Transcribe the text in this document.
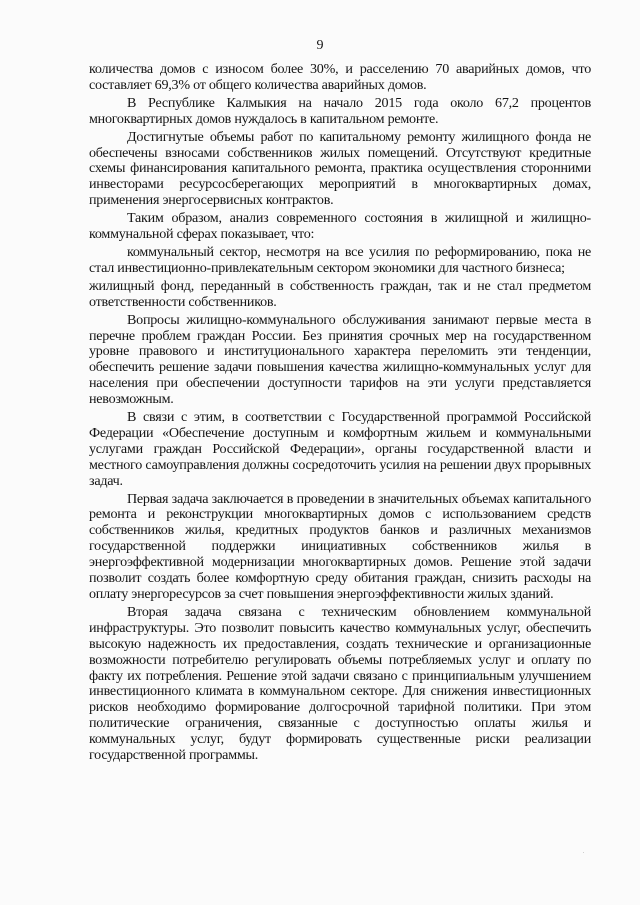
9

количества домов с износом более 30%, и расселению 70 аварийных домов, что составляет 69,3% от общего количества аварийных домов.

В Республике Калмыкия на начало 2015 года около 67,2 процентов многоквартирных домов нуждалось в капитальном ремонте.

Достигнутые объемы работ по капитальному ремонту жилищного фонда не обеспечены взносами собственников жилых помещений. Отсутствуют кредитные схемы финансирования капитального ремонта, практика осуществления сторонними инвесторами ресурсосберегающих мероприятий в многоквартирных домах, применения энергосервисных контрактов.

Таким образом, анализ современного состояния в жилищной и жилищно-коммунальной сферах показывает, что:

коммунальный сектор, несмотря на все усилия по реформированию, пока не стал инвестиционно-привлекательным сектором экономики для частного бизнеса;

жилищный фонд, переданный в собственность граждан, так и не стал предметом ответственности собственников.

Вопросы жилищно-коммунального обслуживания занимают первые места в перечне проблем граждан России. Без принятия срочных мер на государственном уровне правового и институционального характера переломить эти тенденции, обеспечить решение задачи повышения качества жилищно-коммунальных услуг для населения при обеспечении доступности тарифов на эти услуги представляется невозможным.

В связи с этим, в соответствии с Государственной программой Российской Федерации «Обеспечение доступным и комфортным жильем и коммунальными услугами граждан Российской Федерации», органы государственной власти и местного самоуправления должны сосредоточить усилия на решении двух прорывных задач.

Первая задача заключается в проведении в значительных объемах капитального ремонта и реконструкции многоквартирных домов с использованием средств собственников жилья, кредитных продуктов банков и различных механизмов государственной поддержки инициативных собственников жилья в энергоэффективной модернизации многоквартирных домов. Решение этой задачи позволит создать более комфортную среду обитания граждан, снизить расходы на оплату энергоресурсов за счет повышения энергоэффективности жилых зданий.

Вторая задача связана с техническим обновлением коммунальной инфраструктуры. Это позволит повысить качество коммунальных услуг, обеспечить высокую надежность их предоставления, создать технические и организационные возможности потребителю регулировать объемы потребляемых услуг и оплату по факту их потребления. Решение этой задачи связано с принципиальным улучшением инвестиционного климата в коммунальном секторе. Для снижения инвестиционных рисков необходимо формирование долгосрочной тарифной политики. При этом политические ограничения, связанные с доступностью оплаты жилья и коммунальных услуг, будут формировать существенные риски реализации государственной программы.
